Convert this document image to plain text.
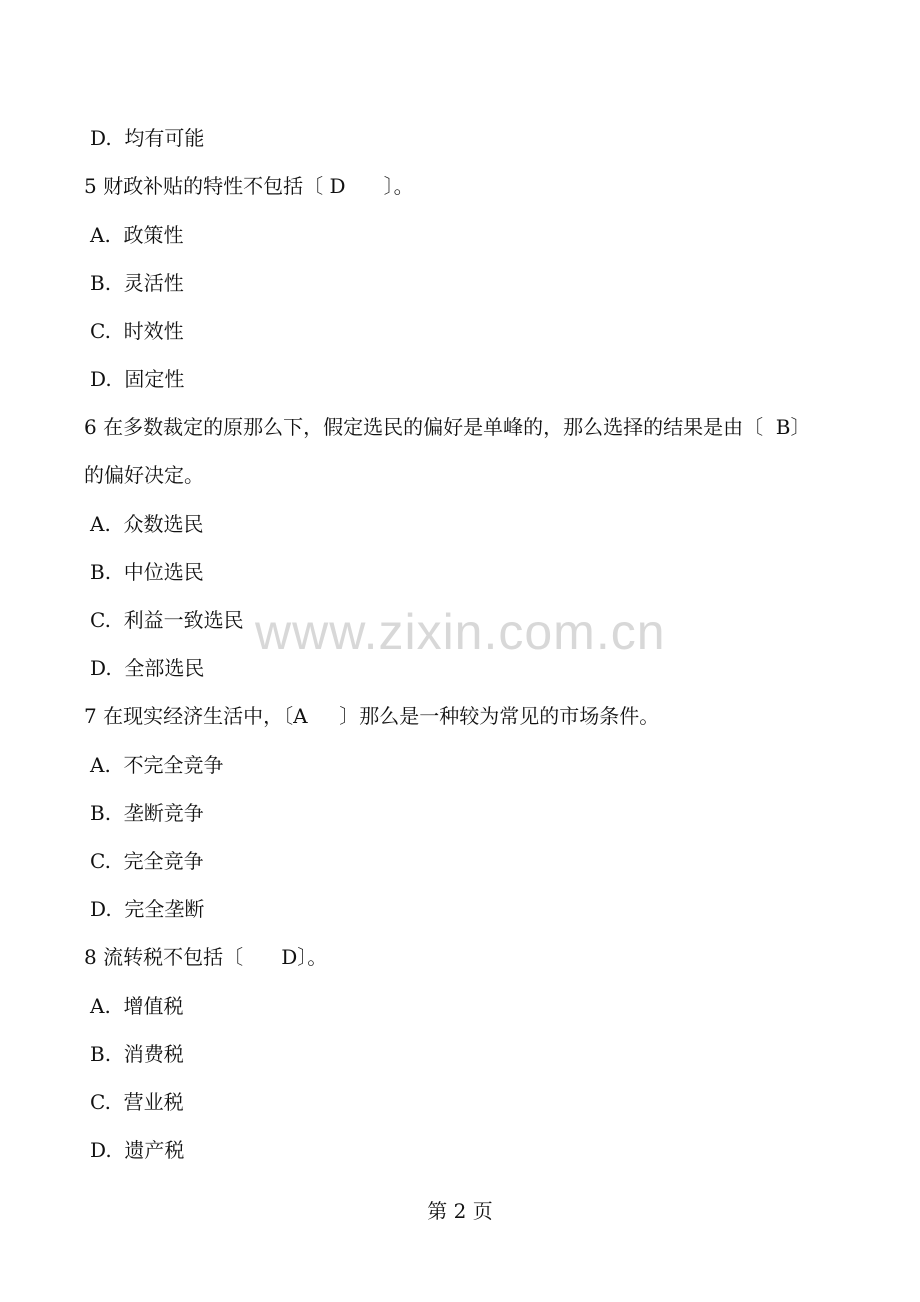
D.  均有可能
5 财政补贴的特性不包括〔 D      〕。
A.  政策性
B.  灵活性
C.  时效性
D.  固定性
6 在多数裁定的原那么下，假定选民的偏好是单峰的，那么选择的结果是由〔  B〕
的偏好决定。
A.  众数选民
B.  中位选民
C.  利益一致选民
D.  全部选民
7 在现实经济生活中，〔A     〕那么是一种较为常见的市场条件。
A.  不完全竞争
B.  垄断竞争
C.  完全竞争
D.  完全垄断
8 流转税不包括〔      D〕。
A.  增值税
B.  消费税
C.  营业税
D.  遗产税
www.zixin.com.cn
第 2 页
